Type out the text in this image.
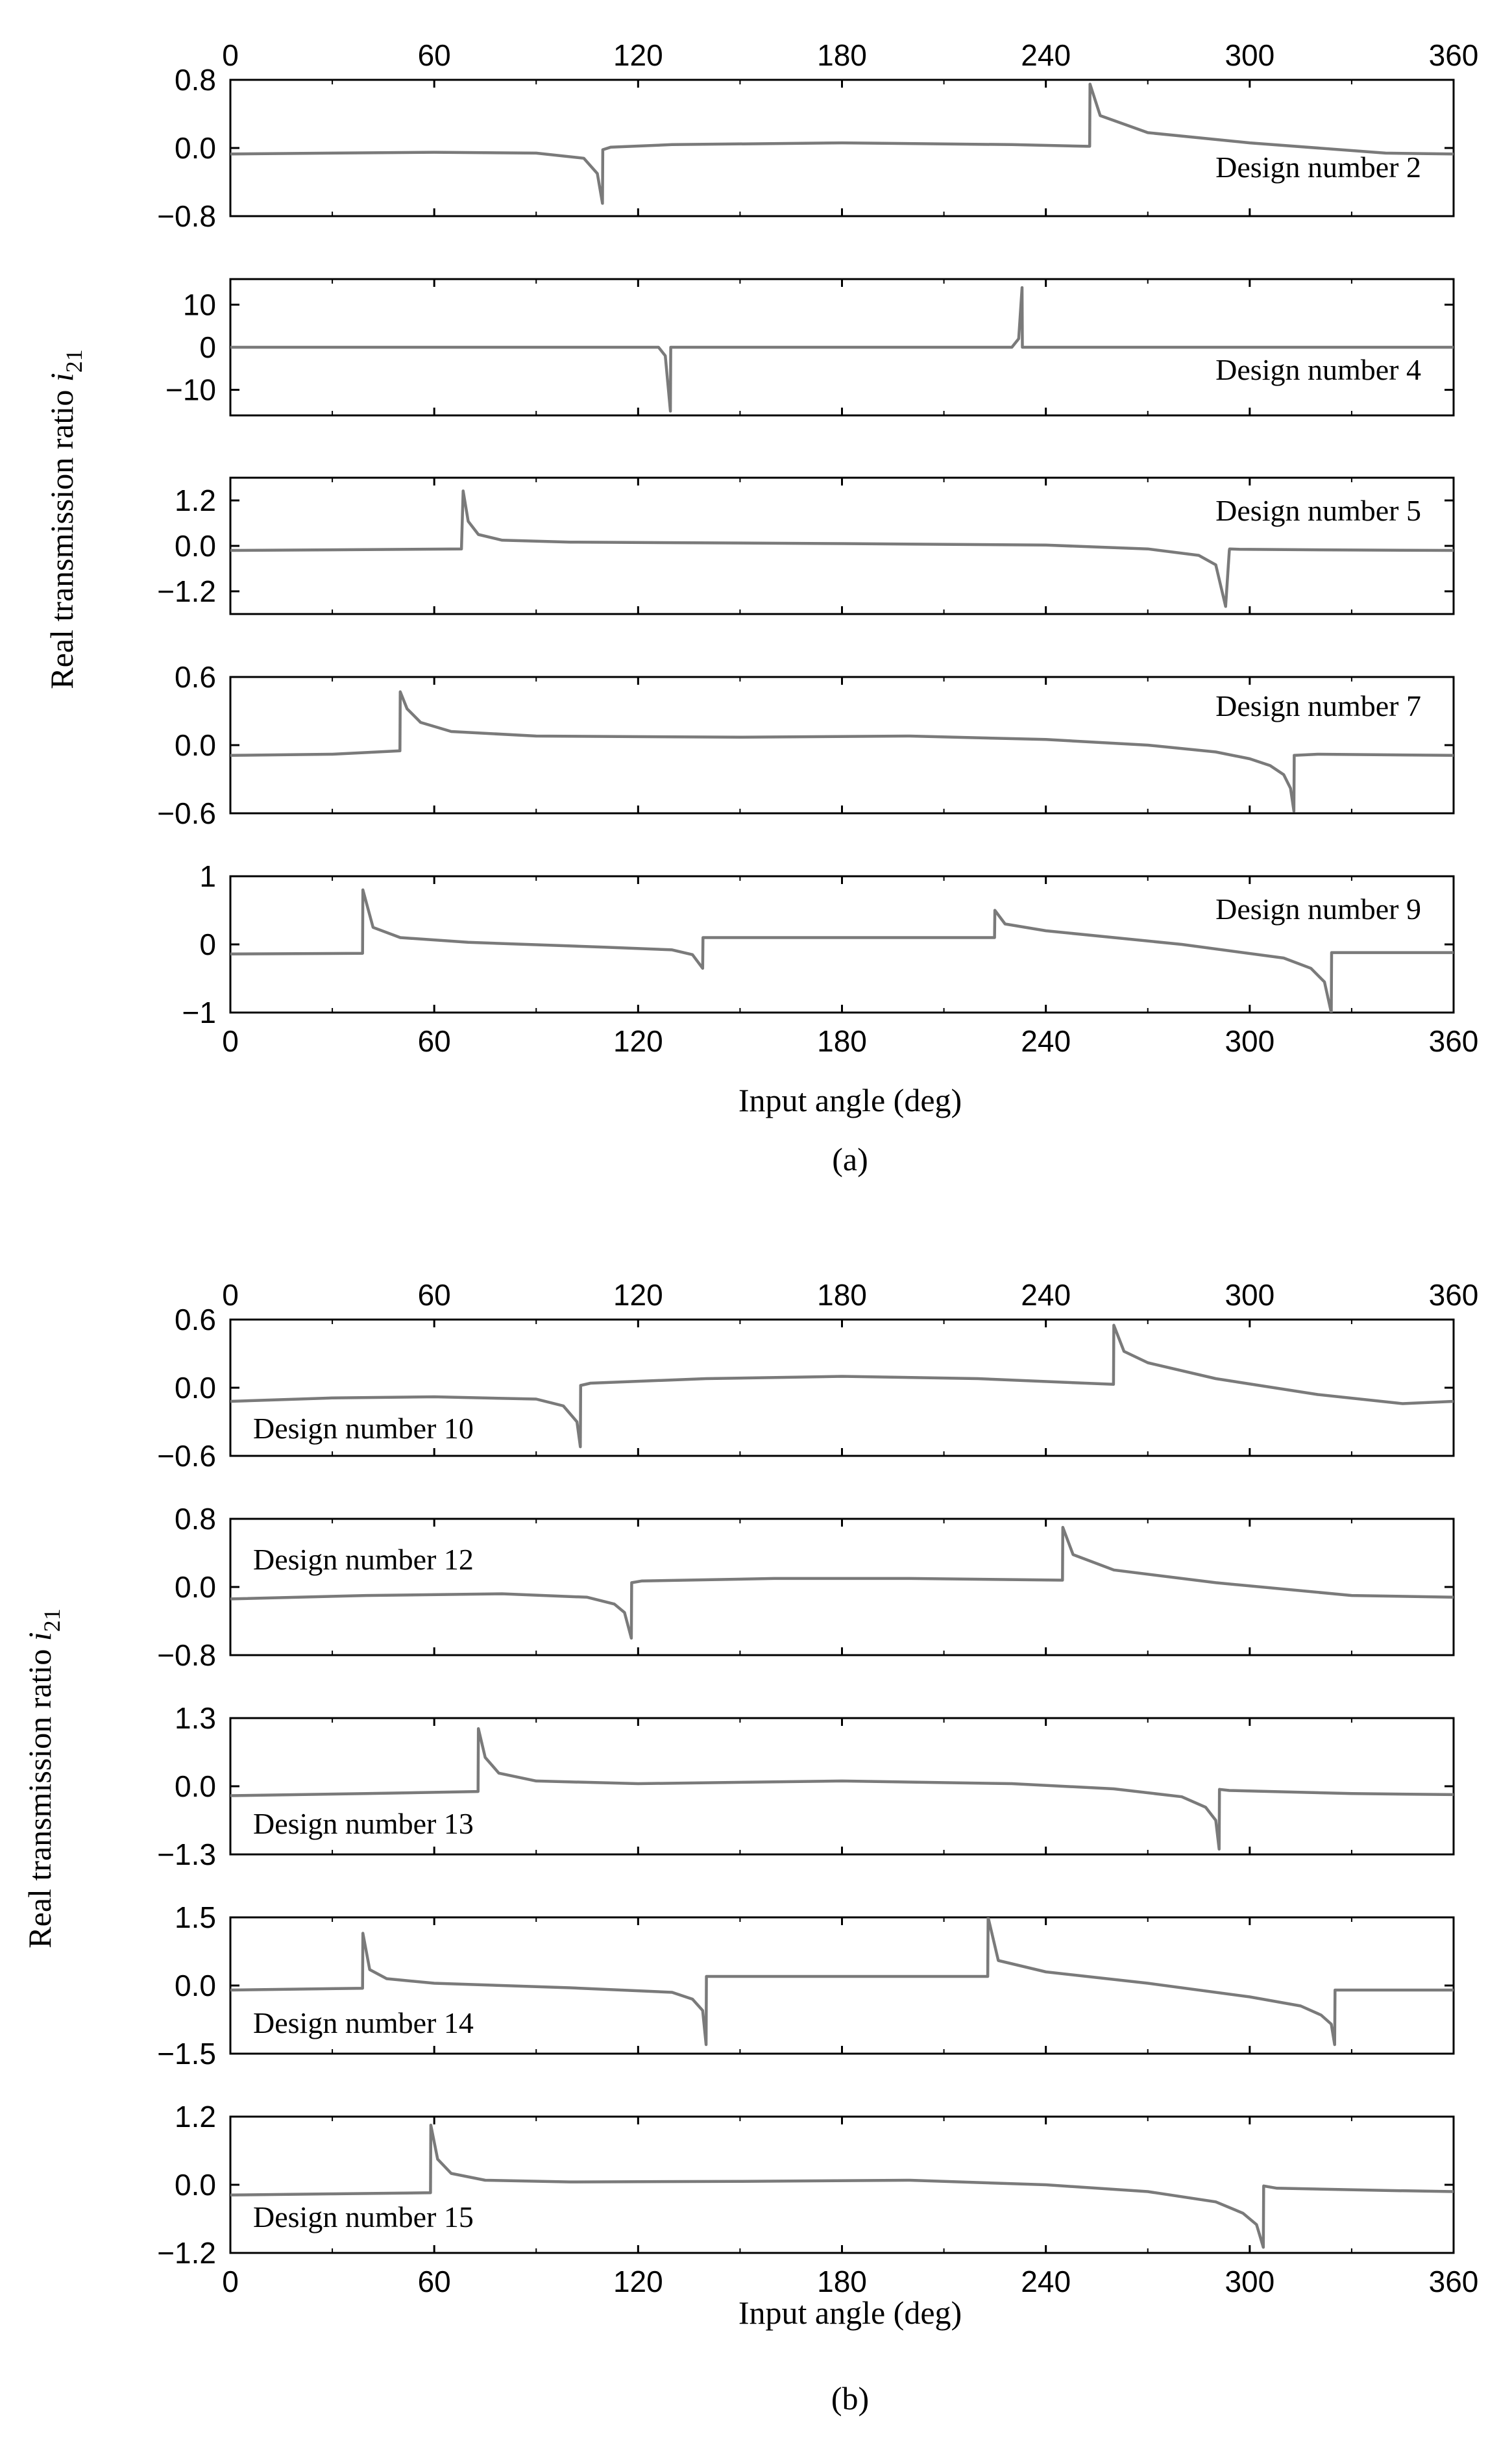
0.8
0.0
−0.8
0	60	120	180	240	300	360
Design number 2
10
0
−10
Design number 4
1.2
0.0
−1.2
Design number 5
0.6
0.0
−0.6
Design number 7
1
0
−1
0	60	120	180	240	300	360
Design number 9
0.6
0.0
−0.6
0	60	120	180	240	300	360
Design number 10
0.8
0.0
−0.8
Design number 12
1.3
0.0
−1.3
Design number 13
1.5
0.0
−1.5
Design number 14
1.2
0.0
−1.2
0	60	120	180	240	300	360
Design number 15
Input angle (deg)
(a)
Input angle (deg)
(b)
Real transmission ratio $i_{21}$
Real transmission ratio $i_{21}$
